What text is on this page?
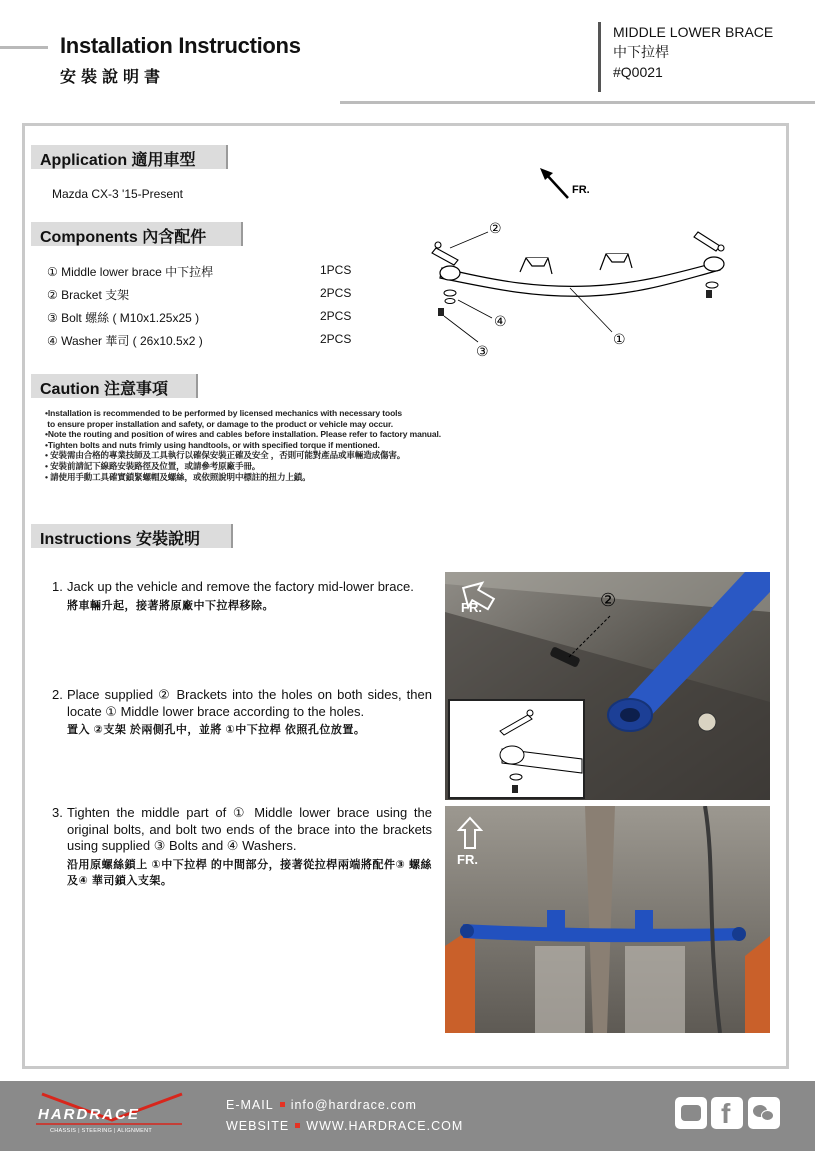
Installation Instructions
安裝說明書
MIDDLE LOWER BRACE
中下拉桿
#Q0021
Application 適用車型
Mazda CX-3 '15-Present
Components 內含配件
① Middle lower brace 中下拉桿	1PCS
② Bracket 支架	2PCS
③ Bolt 螺絲 ( M10x1.25x25 )	2PCS
④ Washer 華司 ( 26x10.5x2 )	2PCS
FR.
②
④
③
①
Caution 注意事項
•Installation is recommended to be performed by licensed mechanics with necessary tools
to ensure proper installation and safety, or damage to the product or vehicle may occur.
•Note the routing and position of wires and cables before installation. Please refer to factory manual.
•Tighten bolts and nuts frimly using handtools, or with specified torque if mentioned.
• 安裝需由合格的專業技師及工具執行以確保安裝正確及安全 ，否則可能對產品或車輛造成傷害。
• 安裝前請記下線路安裝路徑及位置，或請參考原廠手冊。
• 請使用手動工具確實鎖緊螺帽及螺絲，或依照說明中標註的扭力上鎖。
Instructions 安裝說明
1. Jack up the vehicle and remove the factory mid-lower brace.
將車輛升起，接著將原廠中下拉桿移除。
2. Place supplied ② Brackets into the holes on both sides, then locate ① Middle lower brace according to the holes.
置入 ②支架 於兩側孔中，並將 ①中下拉桿 依照孔位放置。
3. Tighten the middle part of ① Middle lower brace using the original bolts, and bolt two ends of the brace into the brackets using supplied ③ Bolts and ④ Washers.
沿用原螺絲鎖上 ①中下拉桿 的中間部分，接著從拉桿兩端將配件③ 螺絲及④ 華司鎖入支架。
FR.	②
FR.
HARDRACE
CHASSIS | STEERING | ALIGNMENT
E-MAIL info@hardrace.com
WEBSITE WWW.HARDRACE.COM	f
